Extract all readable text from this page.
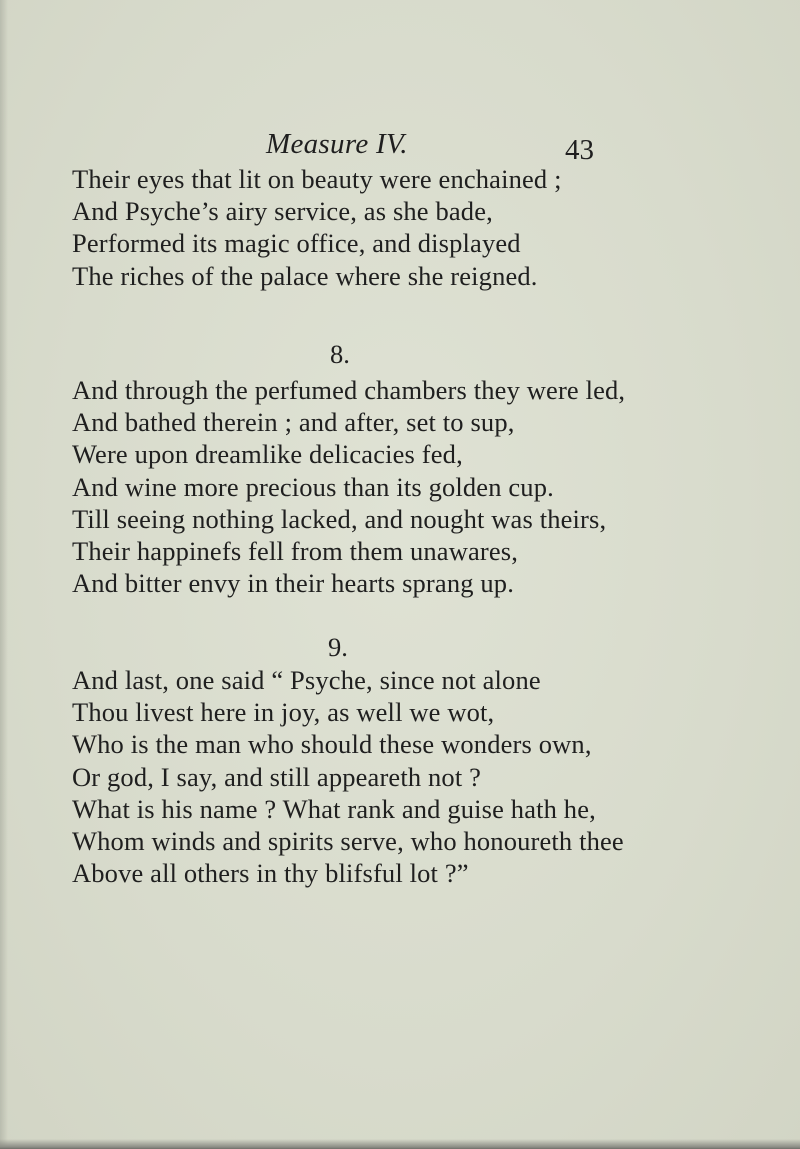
Measure IV.	43
Their eyes that lit on beauty were enchained ;
And Psyche’s airy service, as she bade,
Performed its magic office, and displayed
The riches of the palace where she reigned.
8.
And through the perfumed chambers they were led,
And bathed therein ; and after, set to sup,
Were upon dreamlike delicacies fed,
And wine more precious than its golden cup.
Till seeing nothing lacked, and nought was theirs,
Their happinefs fell from them unawares,
And bitter envy in their hearts sprang up.
9.
And last, one said “ Psyche, since not alone
Thou livest here in joy, as well we wot,
Who is the man who should these wonders own,
Or god, I say, and still appeareth not ?
What is his name ? What rank and guise hath he,
Whom winds and spirits serve, who honoureth thee
Above all others in thy blifsful lot ?”
